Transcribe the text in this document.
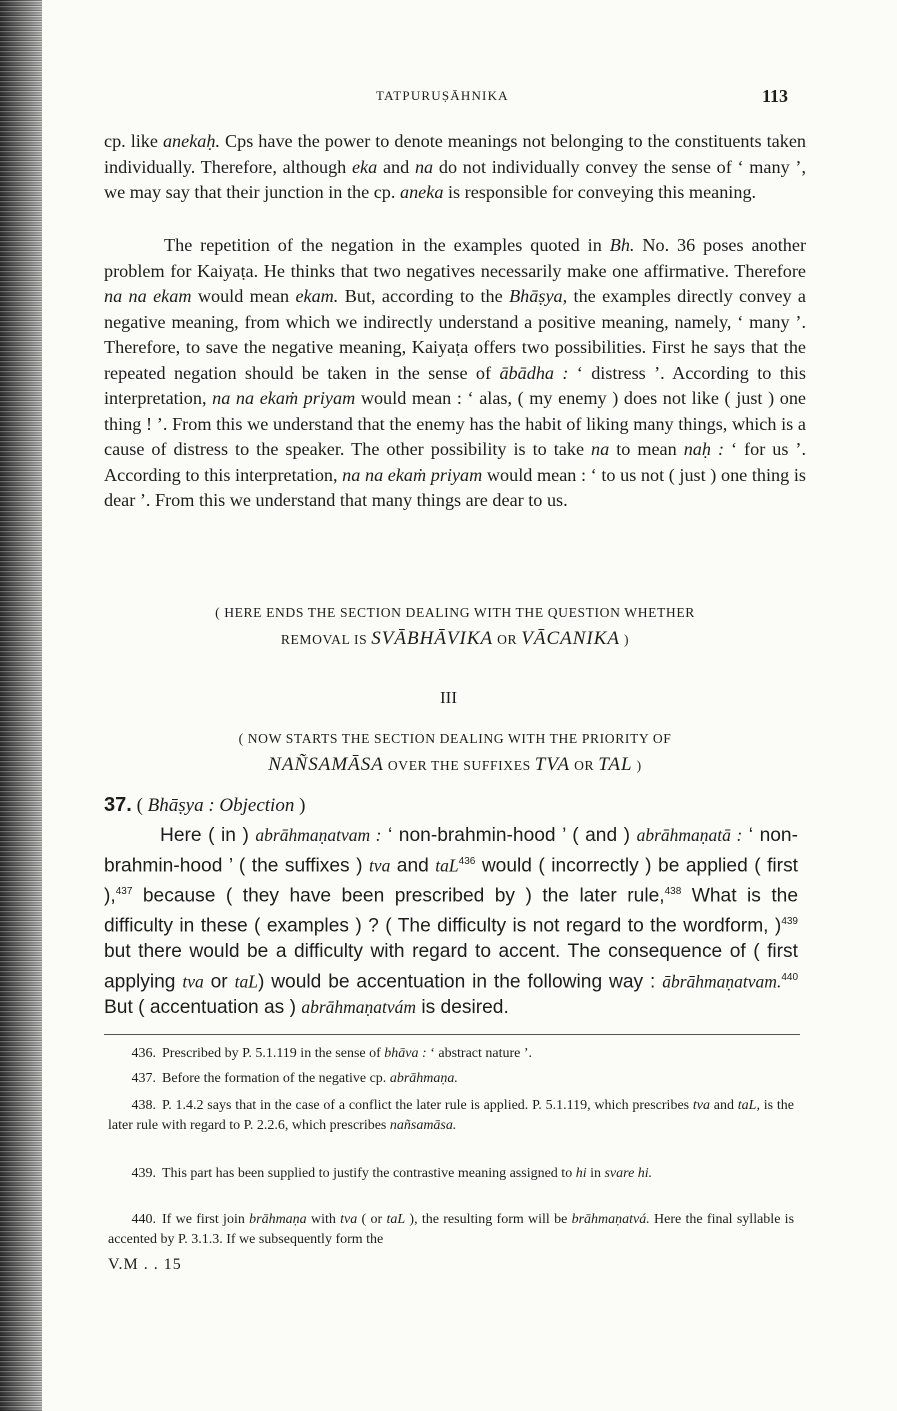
TATPURUṢĀHNIKA	113
cp. like anekaḥ. Cps have the power to denote meanings not belonging to the constituents taken individually. Therefore, although eka and na do not individually convey the sense of ‘ many ’, we may say that their junction in the cp. aneka is responsible for conveying this meaning.
The repetition of the negation in the examples quoted in Bh. No. 36 poses another problem for Kaiyaṭa. He thinks that two negatives necessarily make one affirmative. Therefore na na ekam would mean ekam. But, according to the Bhāṣya, the examples directly convey a negative meaning, from which we indirectly understand a positive meaning, namely, ‘ many ’. Therefore, to save the negative meaning, Kaiyaṭa offers two possibilities. First he says that the repeated negation should be taken in the sense of ābādha : ‘ distress ’. According to this interpretation, na na ekaṁ priyam would mean : ‘ alas, ( my enemy ) does not like ( just ) one thing ! ’. From this we understand that the enemy has the habit of liking many things, which is a cause of distress to the speaker. The other possibility is to take na to mean naḥ : ‘ for us ’. According to this interpretation, na na ekaṁ priyam would mean : ‘ to us not ( just ) one thing is dear ’. From this we understand that many things are dear to us.
( HERE ENDS THE SECTION DEALING WITH THE QUESTION WHETHER
REMOVAL IS SVĀBHĀVIKA OR VĀCANIKA )
III
( NOW STARTS THE SECTION DEALING WITH THE PRIORITY OF
NAÑSAMĀSA OVER THE SUFFIXES TVA OR TAL )
37. ( Bhāṣya : Objection )
Here ( in ) abrāhmaṇatvam : ‘ non-brahmin-hood ’ ( and ) abrāhmaṇatā : ‘ non-brahmin-hood ’ ( the suffixes ) tva and taL$^{436}$ would ( incorrectly ) be applied ( first ),$^{437}$ because ( they have been prescribed by ) the later rule,$^{438}$ What is the difficulty in these ( examples ) ? ( The difficulty is not regard to the wordform, )$^{439}$ but there would be a difficulty with regard to accent. The consequence of ( first applying tva or taL) would be accentuation in the following way : ābrāhmaṇatvam.$^{440}$ But ( accentuation as ) abrāhmaṇatvám is desired.
436. Prescribed by P. 5.1.119 in the sense of bhāva : ‘ abstract nature ’.
437. Before the formation of the negative cp. abrāhmaṇa.
438. P. 1.4.2 says that in the case of a conflict the later rule is applied. P. 5.1.119, which prescribes tva and taL, is the later rule with regard to P. 2.2.6, which prescribes nañsamāsa.
439. This part has been supplied to justify the contrastive meaning assigned to hi in svare hi.
440. If we first join brāhmaṇa with tva ( or taL ), the resulting form will be brāhmaṇatvá. Here the final syllable is accented by P. 3.1.3. If we subsequently form the
V.M . . 15
